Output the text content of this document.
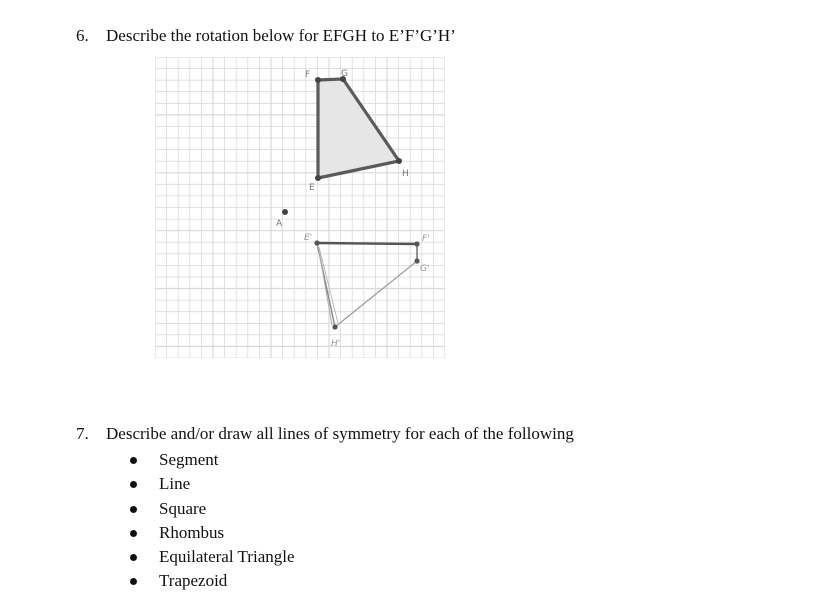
6. Describe the rotation below for EFGH to E’F’G’H’
F	G
H
E
A
E'	F'
G'
H'
7. Describe and/or draw all lines of symmetry for each of the following
Segment
Line
Square
Rhombus
Equilateral Triangle
Trapezoid
